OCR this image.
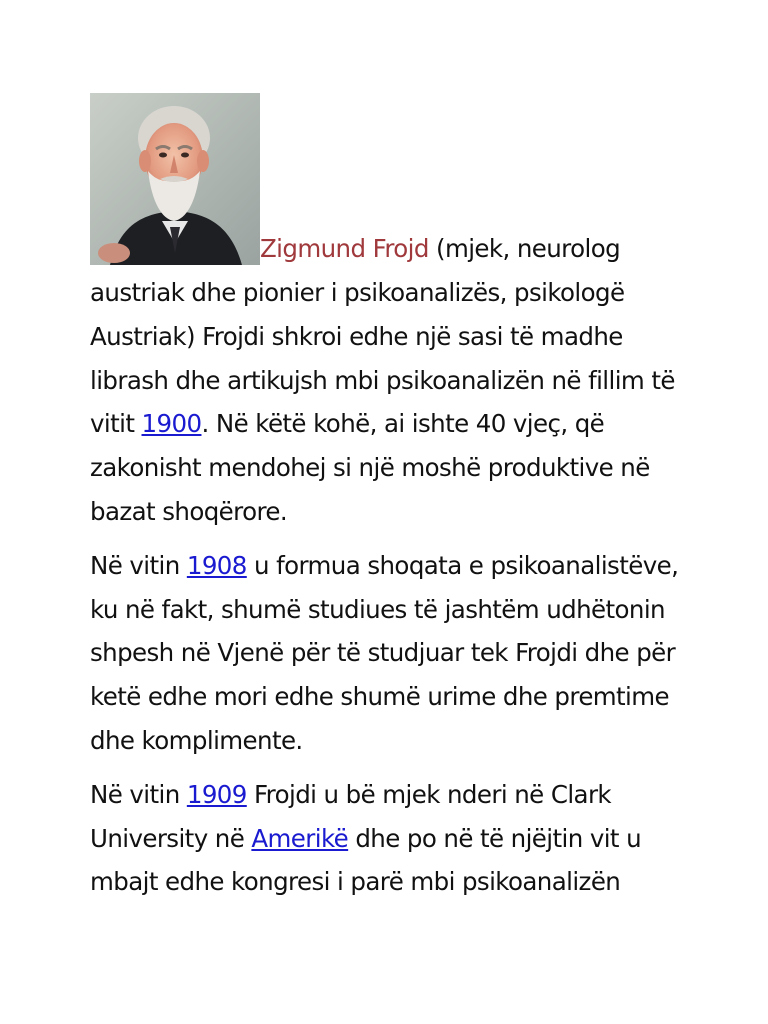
Zigmund Frojd (mjek, neurolog austriak dhe pionier i psikoanalizës, psikologë Austriak) Frojdi shkroi edhe një sasi të madhe librash dhe artikujsh mbi psikoanalizën në fillim të vitit 1900. Në këtë kohë, ai ishte 40 vjeç, që zakonisht mendohej si një moshë produktive në bazat shoqërore.

Në vitin 1908 u formua shoqata e psikoanalistëve, ku në fakt, shumë studiues të jashtëm udhëtonin shpesh në Vjenë për të studjuar tek Frojdi dhe për ketë edhe mori edhe shumë urime dhe premtime dhe komplimente.

Në vitin 1909 Frojdi u bë mjek nderi në Clark University në Amerikë dhe po në të njëjtin vit u mbajt edhe kongresi i parë mbi psikoanalizën
